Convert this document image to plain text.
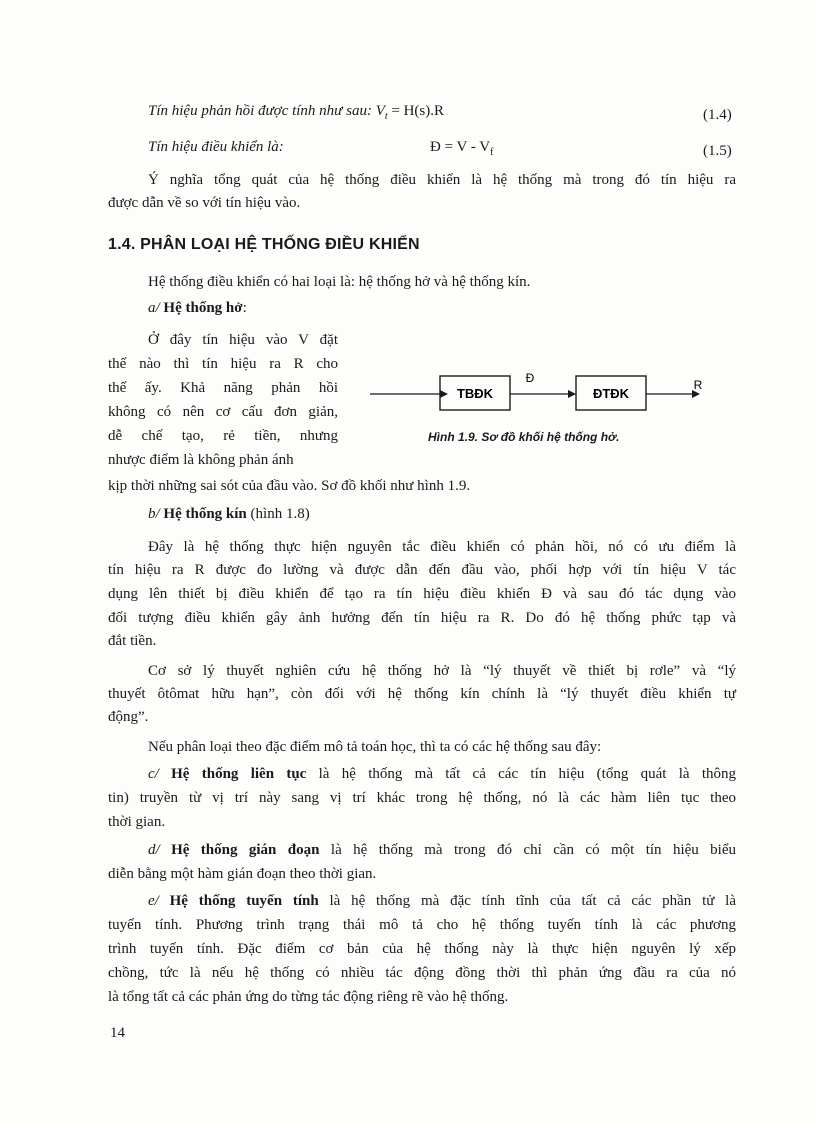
Tín hiệu phản hồi được tính như sau: $V_t = H(s).R$	(1.4)
Tín hiệu điều khiển là:	Đ = V - $V_f$	(1.5)
Ý nghĩa tổng quát của hệ thống điều khiển là hệ thống mà trong đó tín hiệu ra
được dẫn về so với tín hiệu vào.
1.4. PHÂN LOẠI HỆ THỐNG ĐIỀU KHIỂN
Hệ thống điều khiển có hai loại là: hệ thống hở và hệ thống kín.
a/ Hệ thống hở:
Ở đây tín hiệu vào V đặt
thế nào thì tín hiệu ra R cho
thế ấy. Khả năng phản hồi
không có nên cơ cấu đơn giản,
dễ chế tạo, rẻ tiền, nhưng
nhược điểm là không phản ánh
kịp thời những sai sót của đầu vào. Sơ đồ khối như hình 1.9.
TBĐK
Đ
ĐTĐK
R
Hình 1.9. Sơ đồ khối hệ thống hở.
b/ Hệ thống kín (hình 1.8)
Đây là hệ thống thực hiện nguyên tắc điều khiển có phản hồi, nó có ưu điểm là
tín hiệu ra R được đo lường và được dẫn đến đầu vào, phối hợp với tín hiệu V tác
dụng lên thiết bị điều khiển để tạo ra tín hiệu điều khiển Đ và sau đó tác dụng vào
đối tượng điều khiển gây ảnh hưởng đến tín hiệu ra R. Do đó hệ thống phức tạp và
đắt tiền.
Cơ sở lý thuyết nghiên cứu hệ thống hở là “lý thuyết về thiết bị rơle” và “lý
thuyết ôtômat hữu hạn”, còn đối với hệ thống kín chính là “lý thuyết điều khiển tự
động”.
Nếu phân loại theo đặc điểm mô tả toán học, thì ta có các hệ thống sau đây:
c/ Hệ thống liên tục là hệ thống mà tất cả các tín hiệu (tổng quát là thông
tin) truyền từ vị trí này sang vị trí khác trong hệ thống, nó là các hàm liên tục theo
thời gian.
d/ Hệ thống gián đoạn là hệ thống mà trong đó chỉ cần có một tín hiệu biểu
diễn bằng một hàm gián đoạn theo thời gian.
e/ Hệ thống tuyến tính là hệ thống mà đặc tính tĩnh của tất cả các phần tử là
tuyến tính. Phương trình trạng thái mô tả cho hệ thống tuyến tính là các phương
trình tuyến tính. Đặc điểm cơ bản của hệ thống này là thực hiện nguyên lý xếp
chồng, tức là nếu hệ thống có nhiều tác động đồng thời thì phản ứng đầu ra của nó
là tổng tất cả các phản ứng do từng tác động riêng rẽ vào hệ thống.
14
